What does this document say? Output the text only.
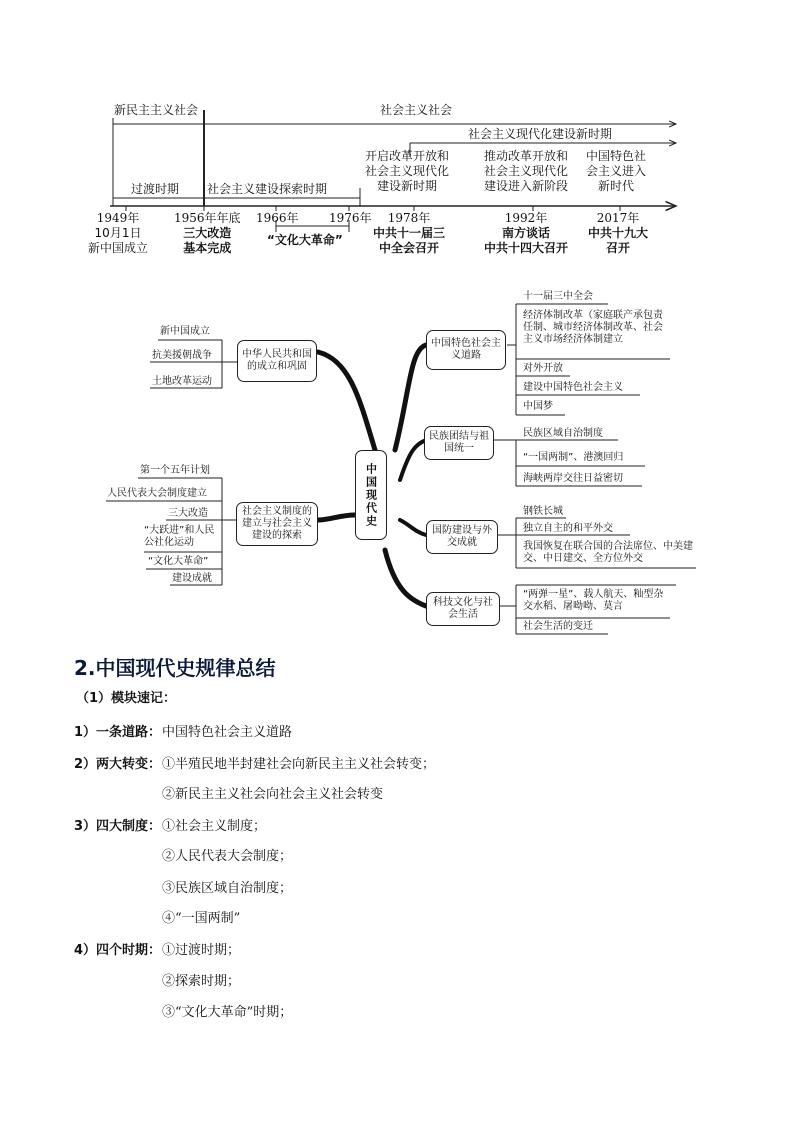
新民主主义社会	社会主义社会
社会主义现代化建设新时期
过渡时期 社会主义建设探索时期
开启改革开放和
社会主义现代化
建设新时期
推动改革开放和
社会主义现代化
建设进入新阶段
中国特色社
会主义进入
新时代
1949年
10月1日
新中国成立
1956年年底
三大改造
基本完成
1966年	1976年
“文化大革命”
1978年
中共十一届三
中全会召开
1992年
南方谈话
中共十四大召开
2017年
中共十九大
召开
中国现代史
中华人民共和国的成立和巩固
新中国成立
抗美援朝战争
土地改革运动
社会主义制度的建立与社会主义建设的探索
第一个五年计划
人民代表大会制度建立
三大改造
“大跃进”和人民公社化运动
“文化大革命”
建设成就
中国特色社会主义道路
十一届三中全会
经济体制改革（家庭联产承包责任制、城市经济体制改革、社会主义市场经济体制建立
对外开放
建设中国特色社会主义
中国梦
民族团结与祖国统一
民族区域自治制度
“一国两制”、港澳回归
海峡两岸交往日益密切
国防建设与外交成就
钢铁长城
独立自主的和平外交
我国恢复在联合国的合法席位、中美建交、中日建交、全方位外交
科技文化与社会生活
“两弹一星”、载人航天、籼型杂交水稻、屠呦呦、莫言
社会生活的变迁
2.中国现代史规律总结
（1）模块速记：
1）一条道路：中国特色社会主义道路
2）两大转变：①半殖民地半封建社会向新民主主义社会转变；
②新民主主义社会向社会主义社会转变
3）四大制度：①社会主义制度；
②人民代表大会制度；
③民族区域自治制度；
④“一国两制”
4）四个时期：①过渡时期；
②探索时期；
③“文化大革命”时期；
